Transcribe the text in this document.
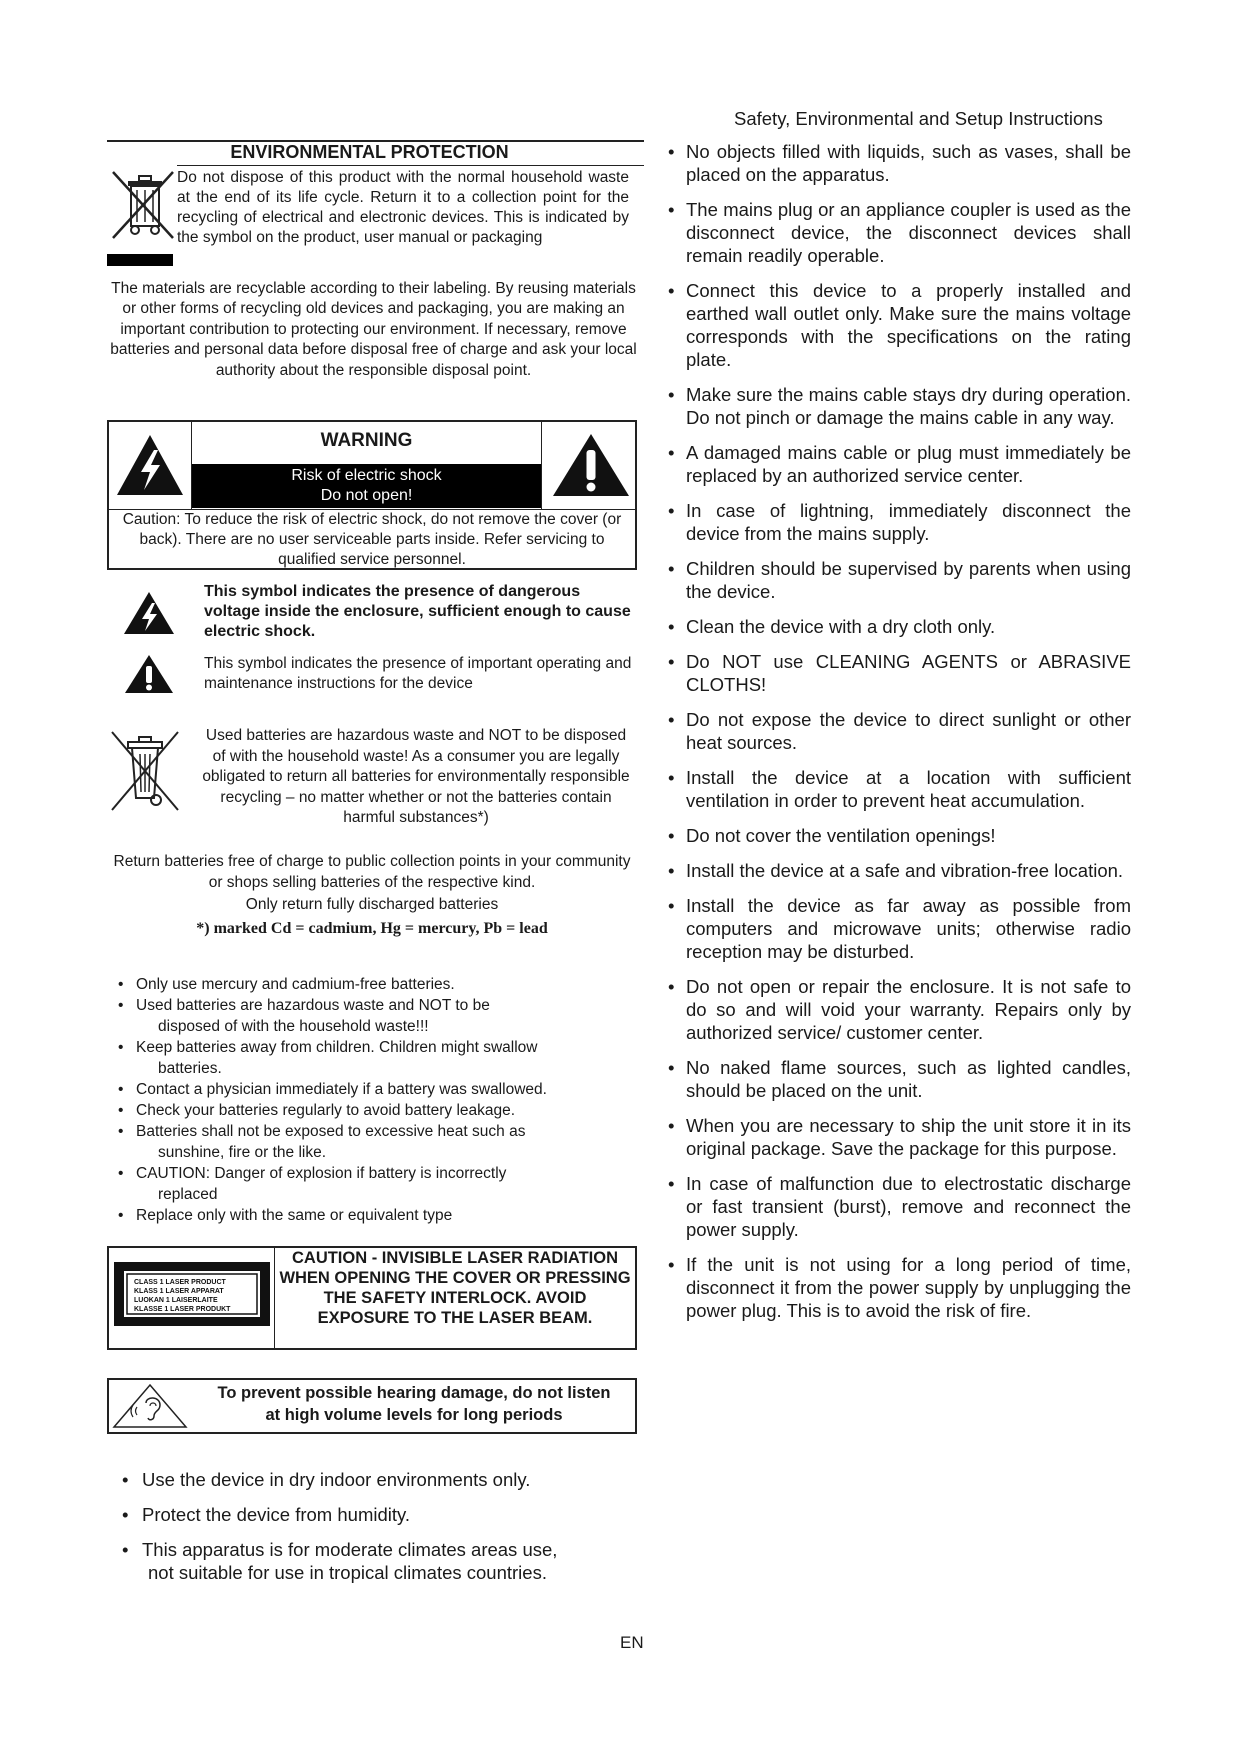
Safety, Environmental and Setup Instructions
ENVIRONMENTAL PROTECTION
Do not dispose of this product with the normal household waste at the end of its life cycle. Return it to a collection point for the recycling of electrical and electronic devices. This is indicated by the symbol on the product, user manual or packaging
The materials are recyclable according to their labeling. By reusing materials or other forms of recycling old devices and packaging, you are making an important contribution to protecting our environment. If necessary, remove batteries and personal data before disposal free of charge and ask your local authority about the responsible disposal point.
WARNING
Risk of electric shock
Do not open!
Caution: To reduce the risk of electric shock, do not remove the cover (or back). There are no user serviceable parts inside. Refer servicing to qualified service personnel.
This symbol indicates the presence of dangerous voltage inside the enclosure, sufficient enough to cause electric shock.
This symbol indicates the presence of important operating and maintenance instructions for the device
Used batteries are hazardous waste and NOT to be disposed of with the household waste! As a consumer you are legally obligated to return all batteries for environmentally responsible recycling – no matter whether or not the batteries contain harmful substances*)
Return batteries free of charge to public collection points in your community or shops selling batteries of the respective kind.
Only return fully discharged batteries
*) marked Cd = cadmium, Hg = mercury, Pb = lead
• Only use mercury and cadmium-free batteries.
• Used batteries are hazardous waste and NOT to be
disposed of with the household waste!!!
• Keep batteries away from children. Children might swallow
batteries.
• Contact a physician immediately if a battery was swallowed.
• Check your batteries regularly to avoid battery leakage.
• Batteries shall not be exposed to excessive heat such as
sunshine, fire or the like.
• CAUTION: Danger of explosion if battery is incorrectly
replaced
• Replace only with the same or equivalent type
CLASS 1 LASER PRODUCT
KLASS 1 LASER APPARAT
LUOKAN 1 LAISERLAITE
KLASSE 1 LASER PRODUKT
CAUTION - INVISIBLE LASER RADIATION WHEN OPENING THE COVER OR PRESSING THE SAFETY INTERLOCK. AVOID EXPOSURE TO THE LASER BEAM.
To prevent possible hearing damage, do not listen at high volume levels for long periods
• Use the device in dry indoor environments only.
• Protect the device from humidity.
• This apparatus is for moderate climates areas use,
not suitable for use in tropical climates countries.
• No objects filled with liquids, such as vases, shall be placed on the apparatus.
• The mains plug or an appliance coupler is used as the disconnect device, the disconnect devices shall remain readily operable.
• Connect this device to a properly installed and earthed wall outlet only. Make sure the mains voltage corresponds with the specifications on the rating plate.
• Make sure the mains cable stays dry during operation. Do not pinch or damage the mains cable in any way.
• A damaged mains cable or plug must immediately be replaced by an authorized service center.
• In case of lightning, immediately disconnect the device from the mains supply.
• Children should be supervised by parents when using the device.
• Clean the device with a dry cloth only.
• Do NOT use CLEANING AGENTS or ABRASIVE CLOTHS!
• Do not expose the device to direct sunlight or other heat sources.
• Install the device at a location with sufficient ventilation in order to prevent heat accumulation.
• Do not cover the ventilation openings!
• Install the device at a safe and vibration-free location.
• Install the device as far away as possible from computers and microwave units; otherwise radio reception may be disturbed.
• Do not open or repair the enclosure. It is not safe to do so and will void your warranty. Repairs only by authorized service/ customer center.
• No naked flame sources, such as lighted candles, should be placed on the unit.
• When you are necessary to ship the unit store it in its original package. Save the package for this purpose.
• In case of malfunction due to electrostatic discharge or fast transient (burst), remove and reconnect the power supply.
• If the unit is not using for a long period of time, disconnect it from the power supply by unplugging the power plug. This is to avoid the risk of fire.
EN
